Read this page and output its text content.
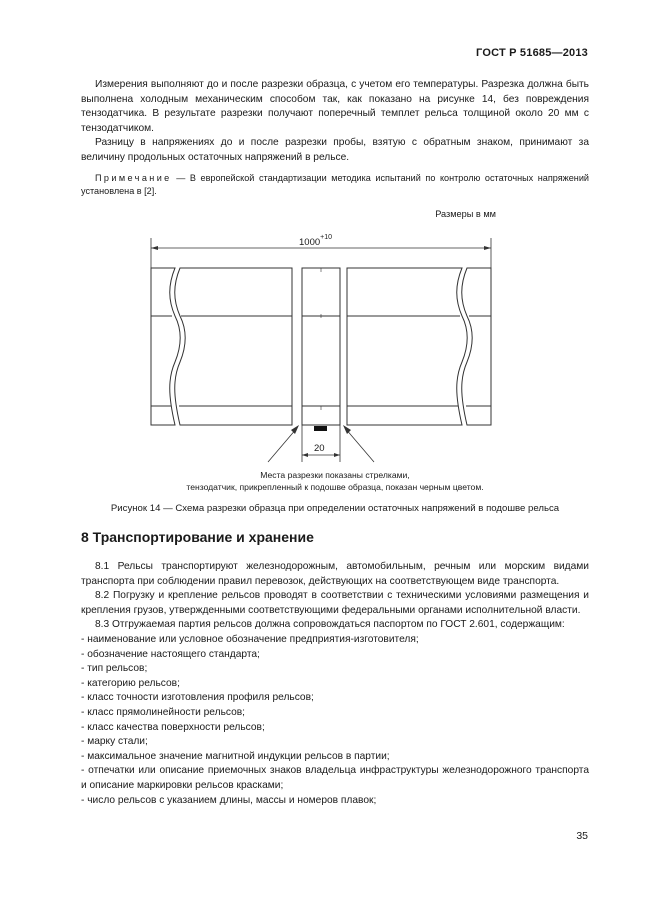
ГОСТ Р 51685—2013

Измерения выполняют до и после разрезки образца, с учетом его температуры. Разрезка должна быть выполнена холодным механическим способом так, как показано на рисунке 14, без повреждения тензодатчика. В результате разрезки получают поперечный темплет рельса толщиной около 20 мм с тензодатчиком.

Разницу в напряжениях до и после разрезки пробы, взятую с обратным знаком, принимают за величину продольных остаточных напряжений в рельсе.

Примечание — В европейской стандартизации методика испытаний по контролю остаточных напряжений установлена в [2].

Размеры в мм
$1000^{+10}$
20
Места разрезки показаны стрелками,
тензодатчик, прикрепленный к подошве образца, показан черным цветом.
Рисунок 14 — Схема разрезки образца при определении остаточных напряжений в подошве рельса
8 Транспортирование и хранение

8.1 Рельсы транспортируют железнодорожным, автомобильным, речным или морским видами транспорта при соблюдении правил перевозок, действующих на соответствующем виде транспорта.

8.2 Погрузку и крепление рельсов проводят в соответствии с техническими условиями размещения и крепления грузов, утвержденными соответствующими федеральными органами исполнительной власти.

8.3 Отгружаемая партия рельсов должна сопровождаться паспортом по ГОСТ 2.601, содержащим:

- наименование или условное обозначение предприятия-изготовителя;

- обозначение настоящего стандарта;

- тип рельсов;

- категорию рельсов;

- класс точности изготовления профиля рельсов;

- класс прямолинейности рельсов;

- класс качества поверхности рельсов;

- марку стали;

- максимальное значение магнитной индукции рельсов в партии;

- отпечатки или описание приемочных знаков владельца инфраструктуры железнодорожного транспорта и описание маркировки рельсов красками;

- число рельсов с указанием длины, массы и номеров плавок;

35
